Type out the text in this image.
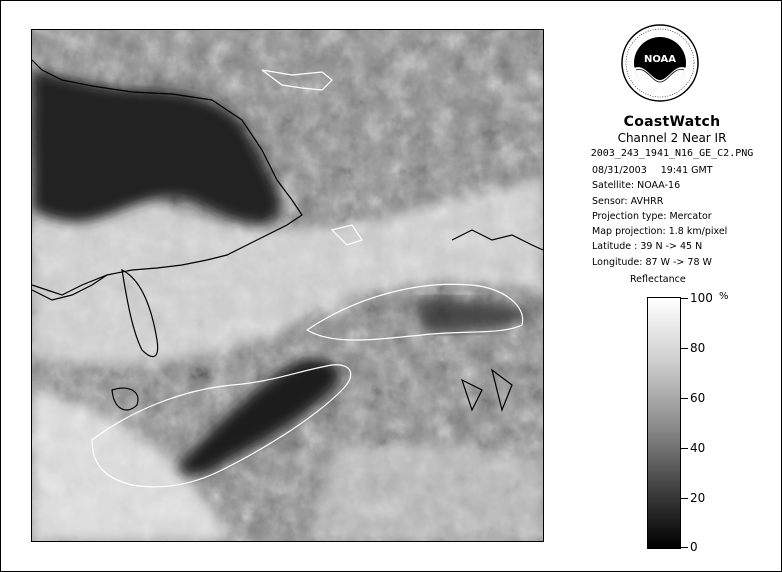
NOAA
CoastWatch
Channel 2 Near IR
2003_243_1941_N16_GE_C2.PNG
08/31/2003 19:41 GMT
Satellite: NOAA-16
Sensor: AVHRR
Projection type: Mercator
Map projection: 1.8 km/pixel
Latitude : 39 N -> 45 N
Longitude: 87 W -> 78 W
Reflectance
%
100
80
60
40
20
0
